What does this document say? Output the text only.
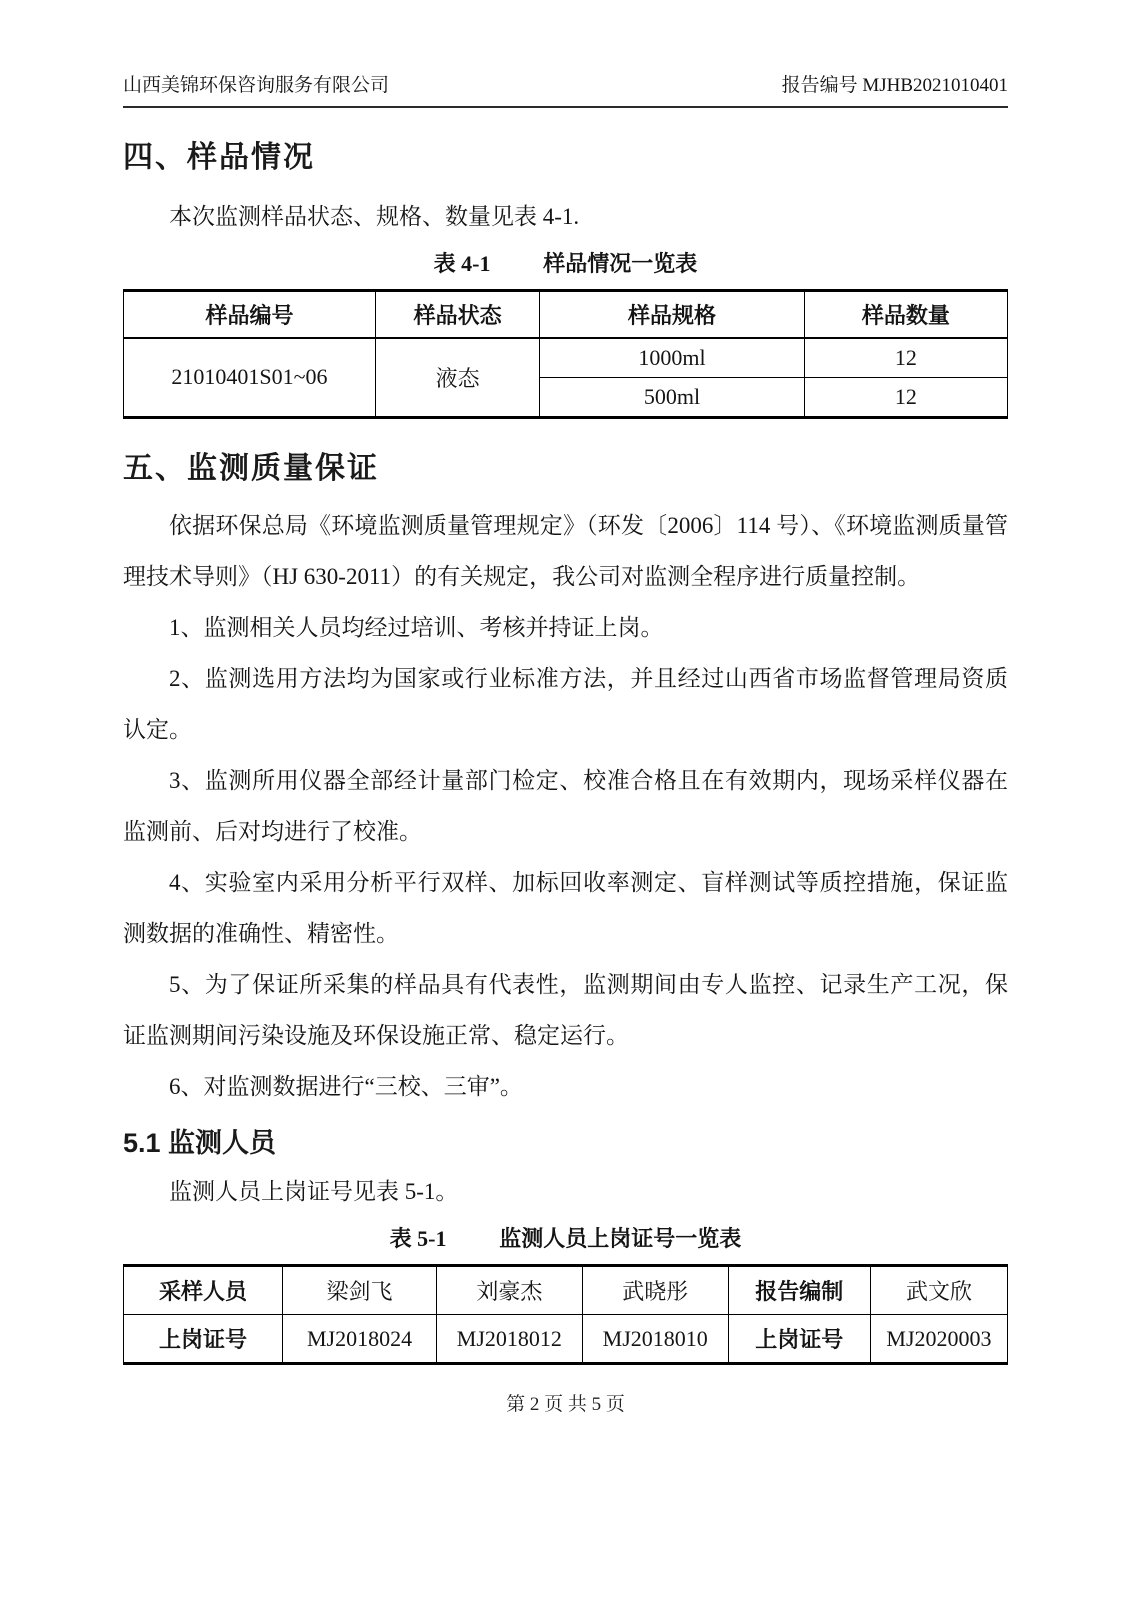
山西美锦环保咨询服务有限公司	报告编号 MJHB2021010401
四、样品情况

本次监测样品状态、规格、数量见表 4-1.

表 4-1 样品情况一览表
样品编号	样品状态	样品规格	样品数量
21010401S01~06	液态	1000ml	12
		500ml	12
五、监测质量保证

依据环保总局《环境监测质量管理规定》（环发〔2006〕114 号）、《环境监测质量管理技术导则》（HJ 630-2011）的有关规定，我公司对监测全程序进行质量控制。

1、监测相关人员均经过培训、考核并持证上岗。

2、监测选用方法均为国家或行业标准方法，并且经过山西省市场监督管理局资质认定。

3、监测所用仪器全部经计量部门检定、校准合格且在有效期内，现场采样仪器在监测前、后对均进行了校准。

4、实验室内采用分析平行双样、加标回收率测定、盲样测试等质控措施，保证监测数据的准确性、精密性。

5、为了保证所采集的样品具有代表性，监测期间由专人监控、记录生产工况，保证监测期间污染设施及环保设施正常、稳定运行。

6、对监测数据进行“三校、三审”。

5.1 监测人员

监测人员上岗证号见表 5-1。

表 5-1 监测人员上岗证号一览表
采样人员	梁剑飞	刘豪杰	武晓彤	报告编制	武文欣
上岗证号	MJ2018024	MJ2018012	MJ2018010	上岗证号	MJ2020003
第 2 页 共 5 页
